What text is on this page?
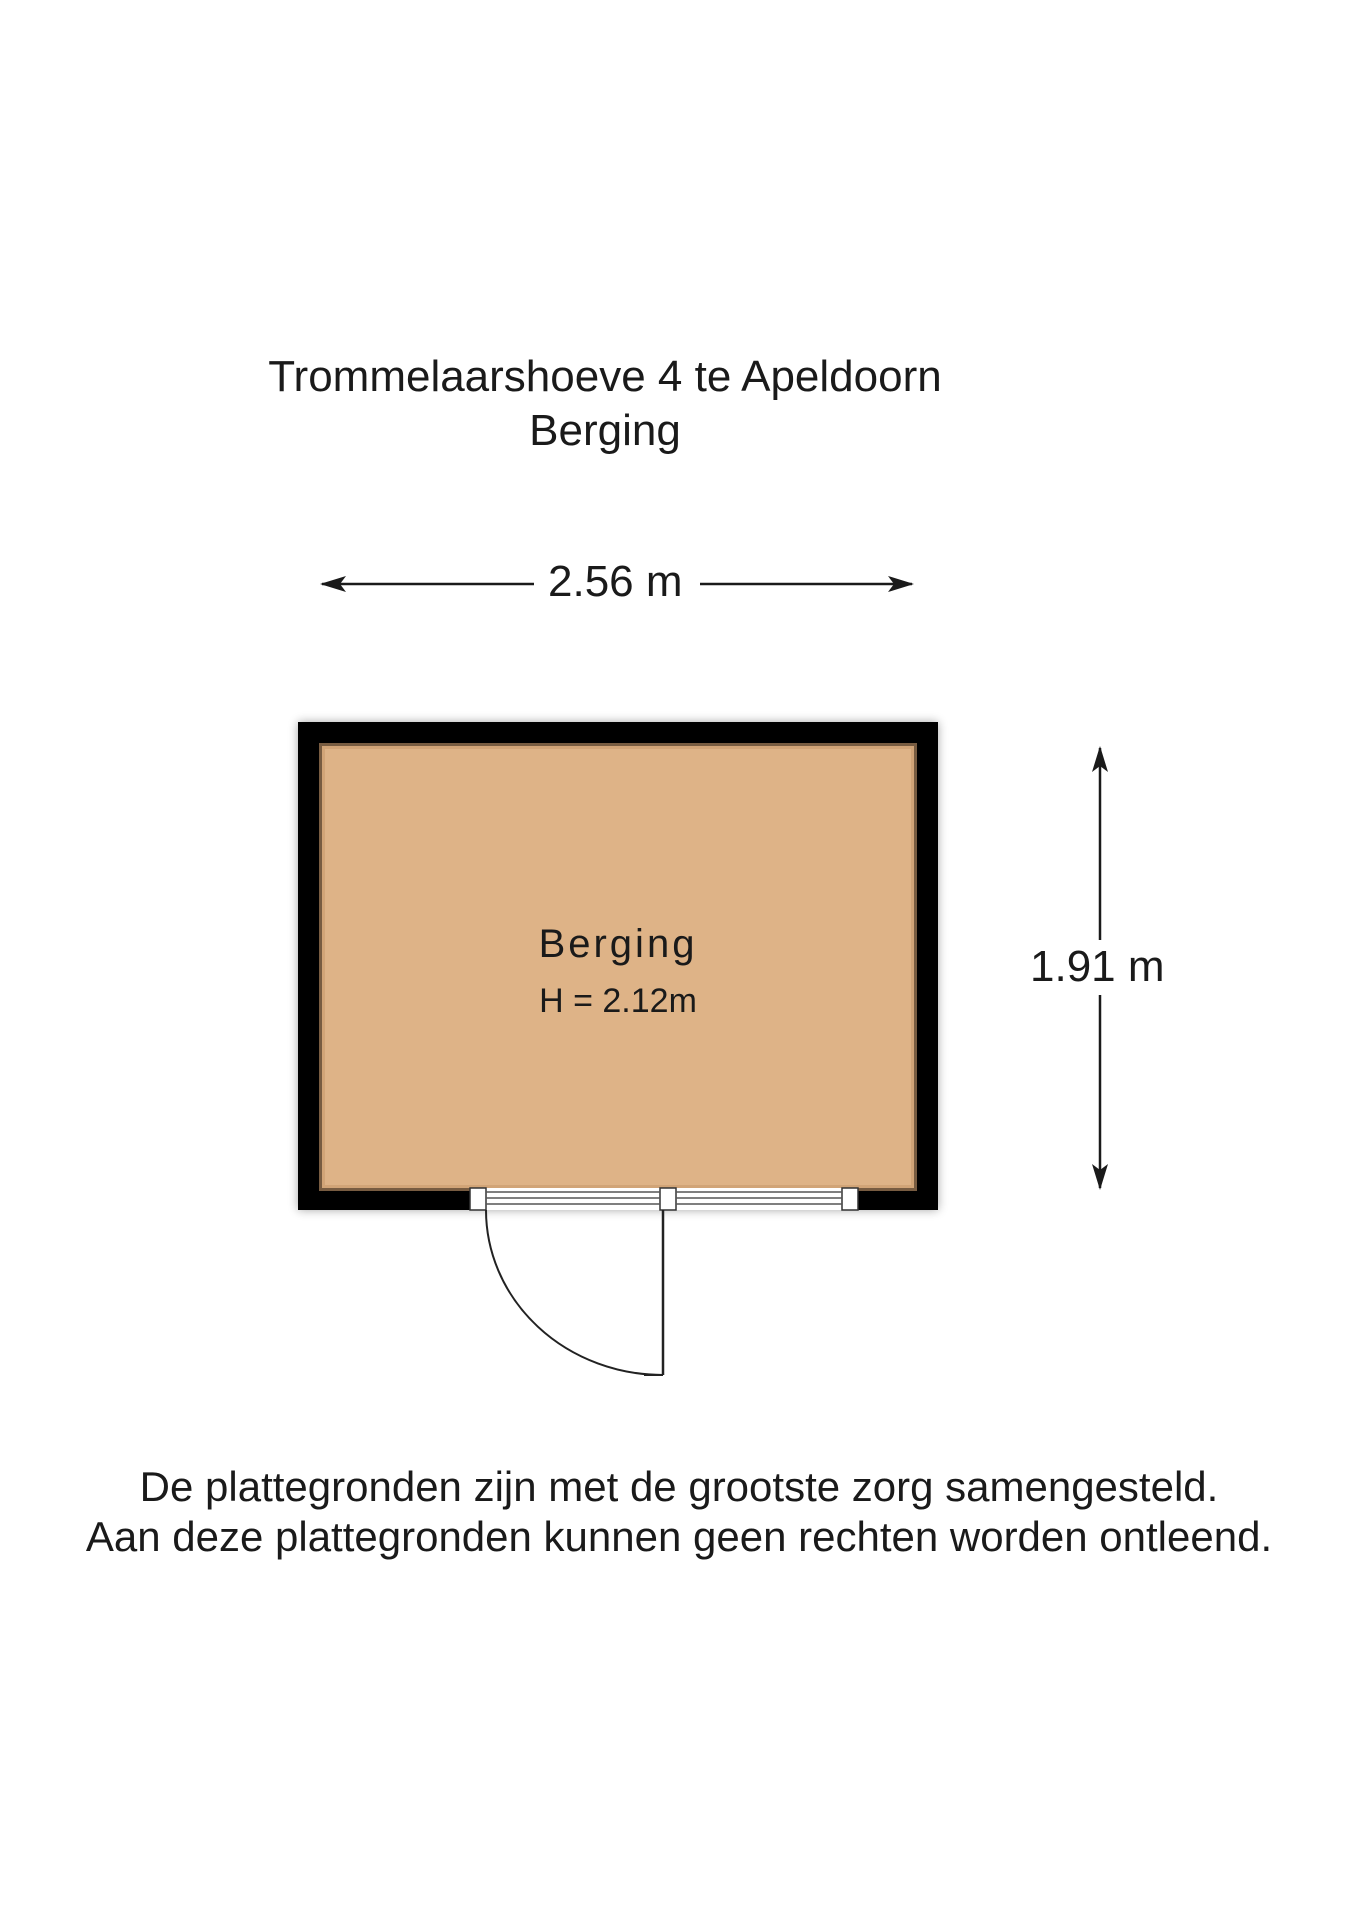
Trommelaarshoeve 4 te Apeldoorn
Berging
2.56 m
1.91 m
Berging
H = 2.12m
De plattegronden zijn met de grootste zorg samengesteld.
Aan deze plattegronden kunnen geen rechten worden ontleend.
